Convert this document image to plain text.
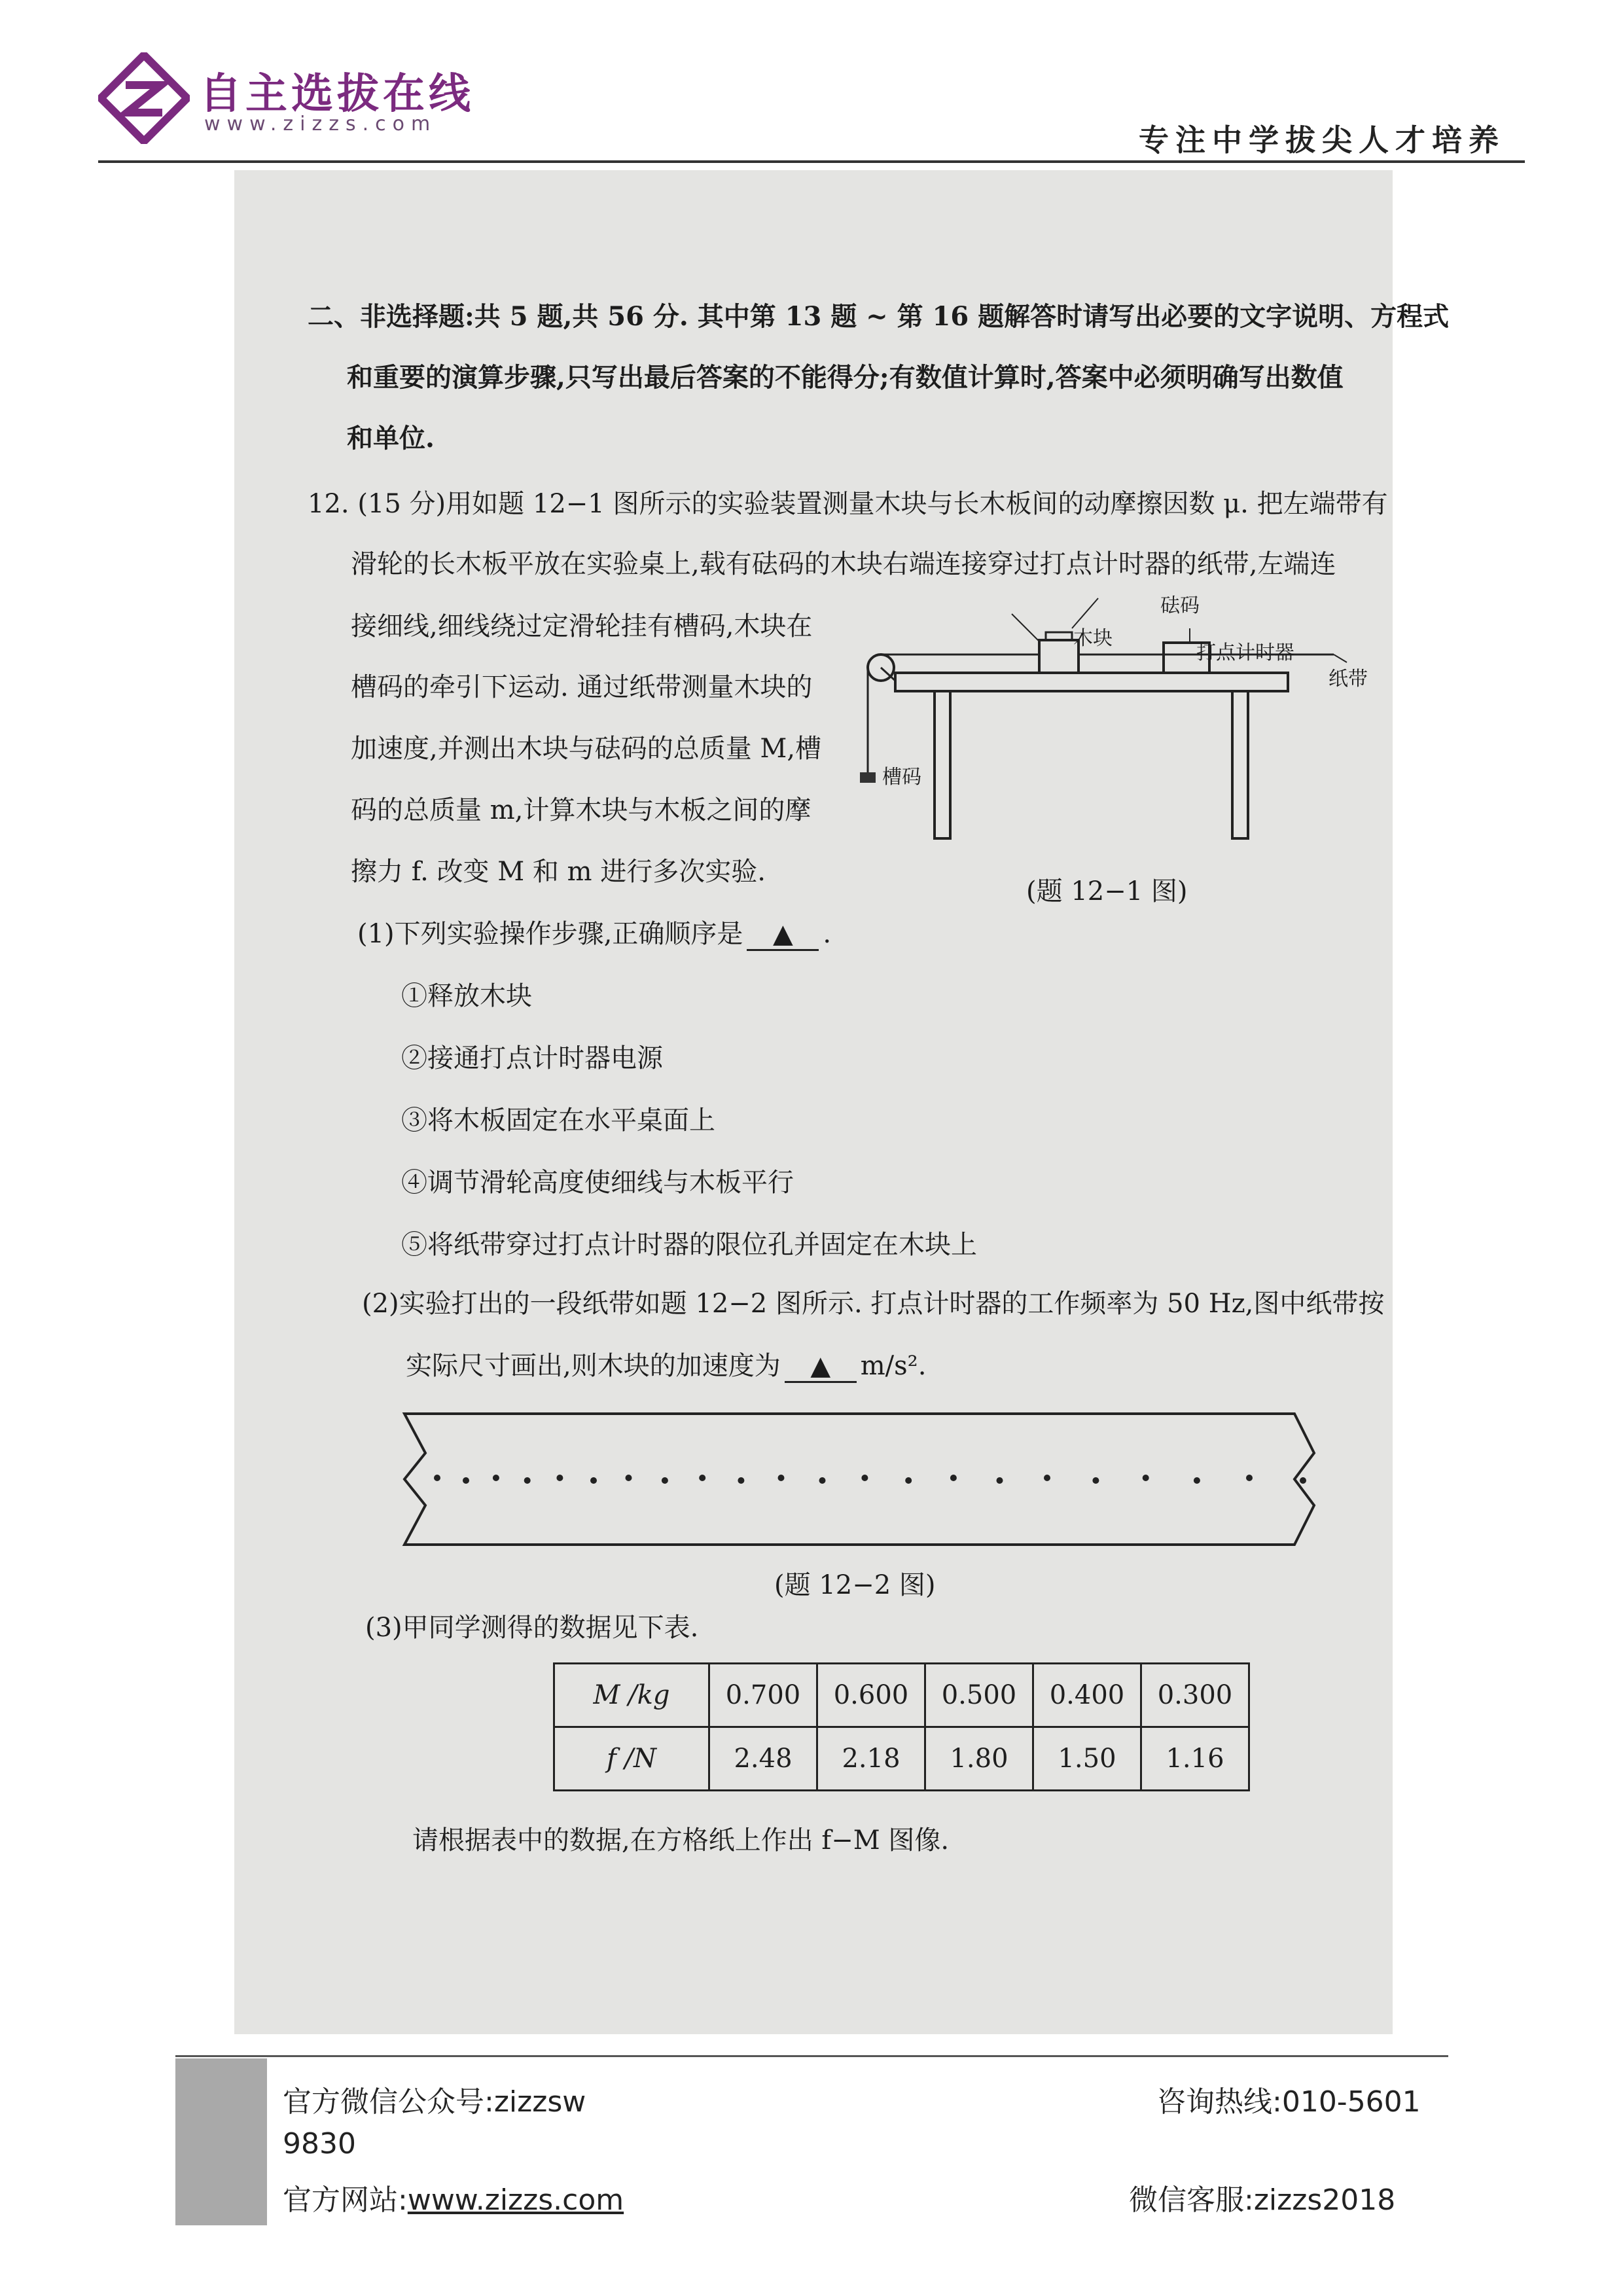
自主选拔在线
www.zizzs.com	专注中学拔尖人才培养
二、非选择题:共 5 题,共 56 分. 其中第 13 题 ~ 第 16 题解答时请写出必要的文字说明、方程式
和重要的演算步骤,只写出最后答案的不能得分;有数值计算时,答案中必须明确写出数值
和单位.
12. (15 分)用如题 12−1 图所示的实验装置测量木块与长木板间的动摩擦因数 μ. 把左端带有
滑轮的长木板平放在实验桌上,载有砝码的木块右端连接穿过打点计时器的纸带,左端连
接细线,细线绕过定滑轮挂有槽码,木块在
槽码的牵引下运动. 通过纸带测量木块的
加速度,并测出木块与砝码的总质量 M,槽
码的总质量 m,计算木块与木板之间的摩
擦力 f. 改变 M 和 m 进行多次实验.
砝码
木块
打点计时器
纸带
槽码
(题 12−1 图)
(1)下列实验操作步骤,正确顺序是 ▲ .
①释放木块
②接通打点计时器电源
③将木板固定在水平桌面上
④调节滑轮高度使细线与木板平行
⑤将纸带穿过打点计时器的限位孔并固定在木块上
(2)实验打出的一段纸带如题 12−2 图所示. 打点计时器的工作频率为 50 Hz,图中纸带按
实际尺寸画出,则木块的加速度为 ▲ m/s².
(题 12−2 图)
(3)甲同学测得的数据见下表.
M /kg	0.700	0.600	0.500	0.400	0.300
f /N	2.48	2.18	1.80	1.50	1.16
请根据表中的数据,在方格纸上作出 f−M 图像.
官方微信公众号:zizzsw
9830
官方网站:www.zizzs.com
咨询热线:010-5601
微信客服:zizzs2018
